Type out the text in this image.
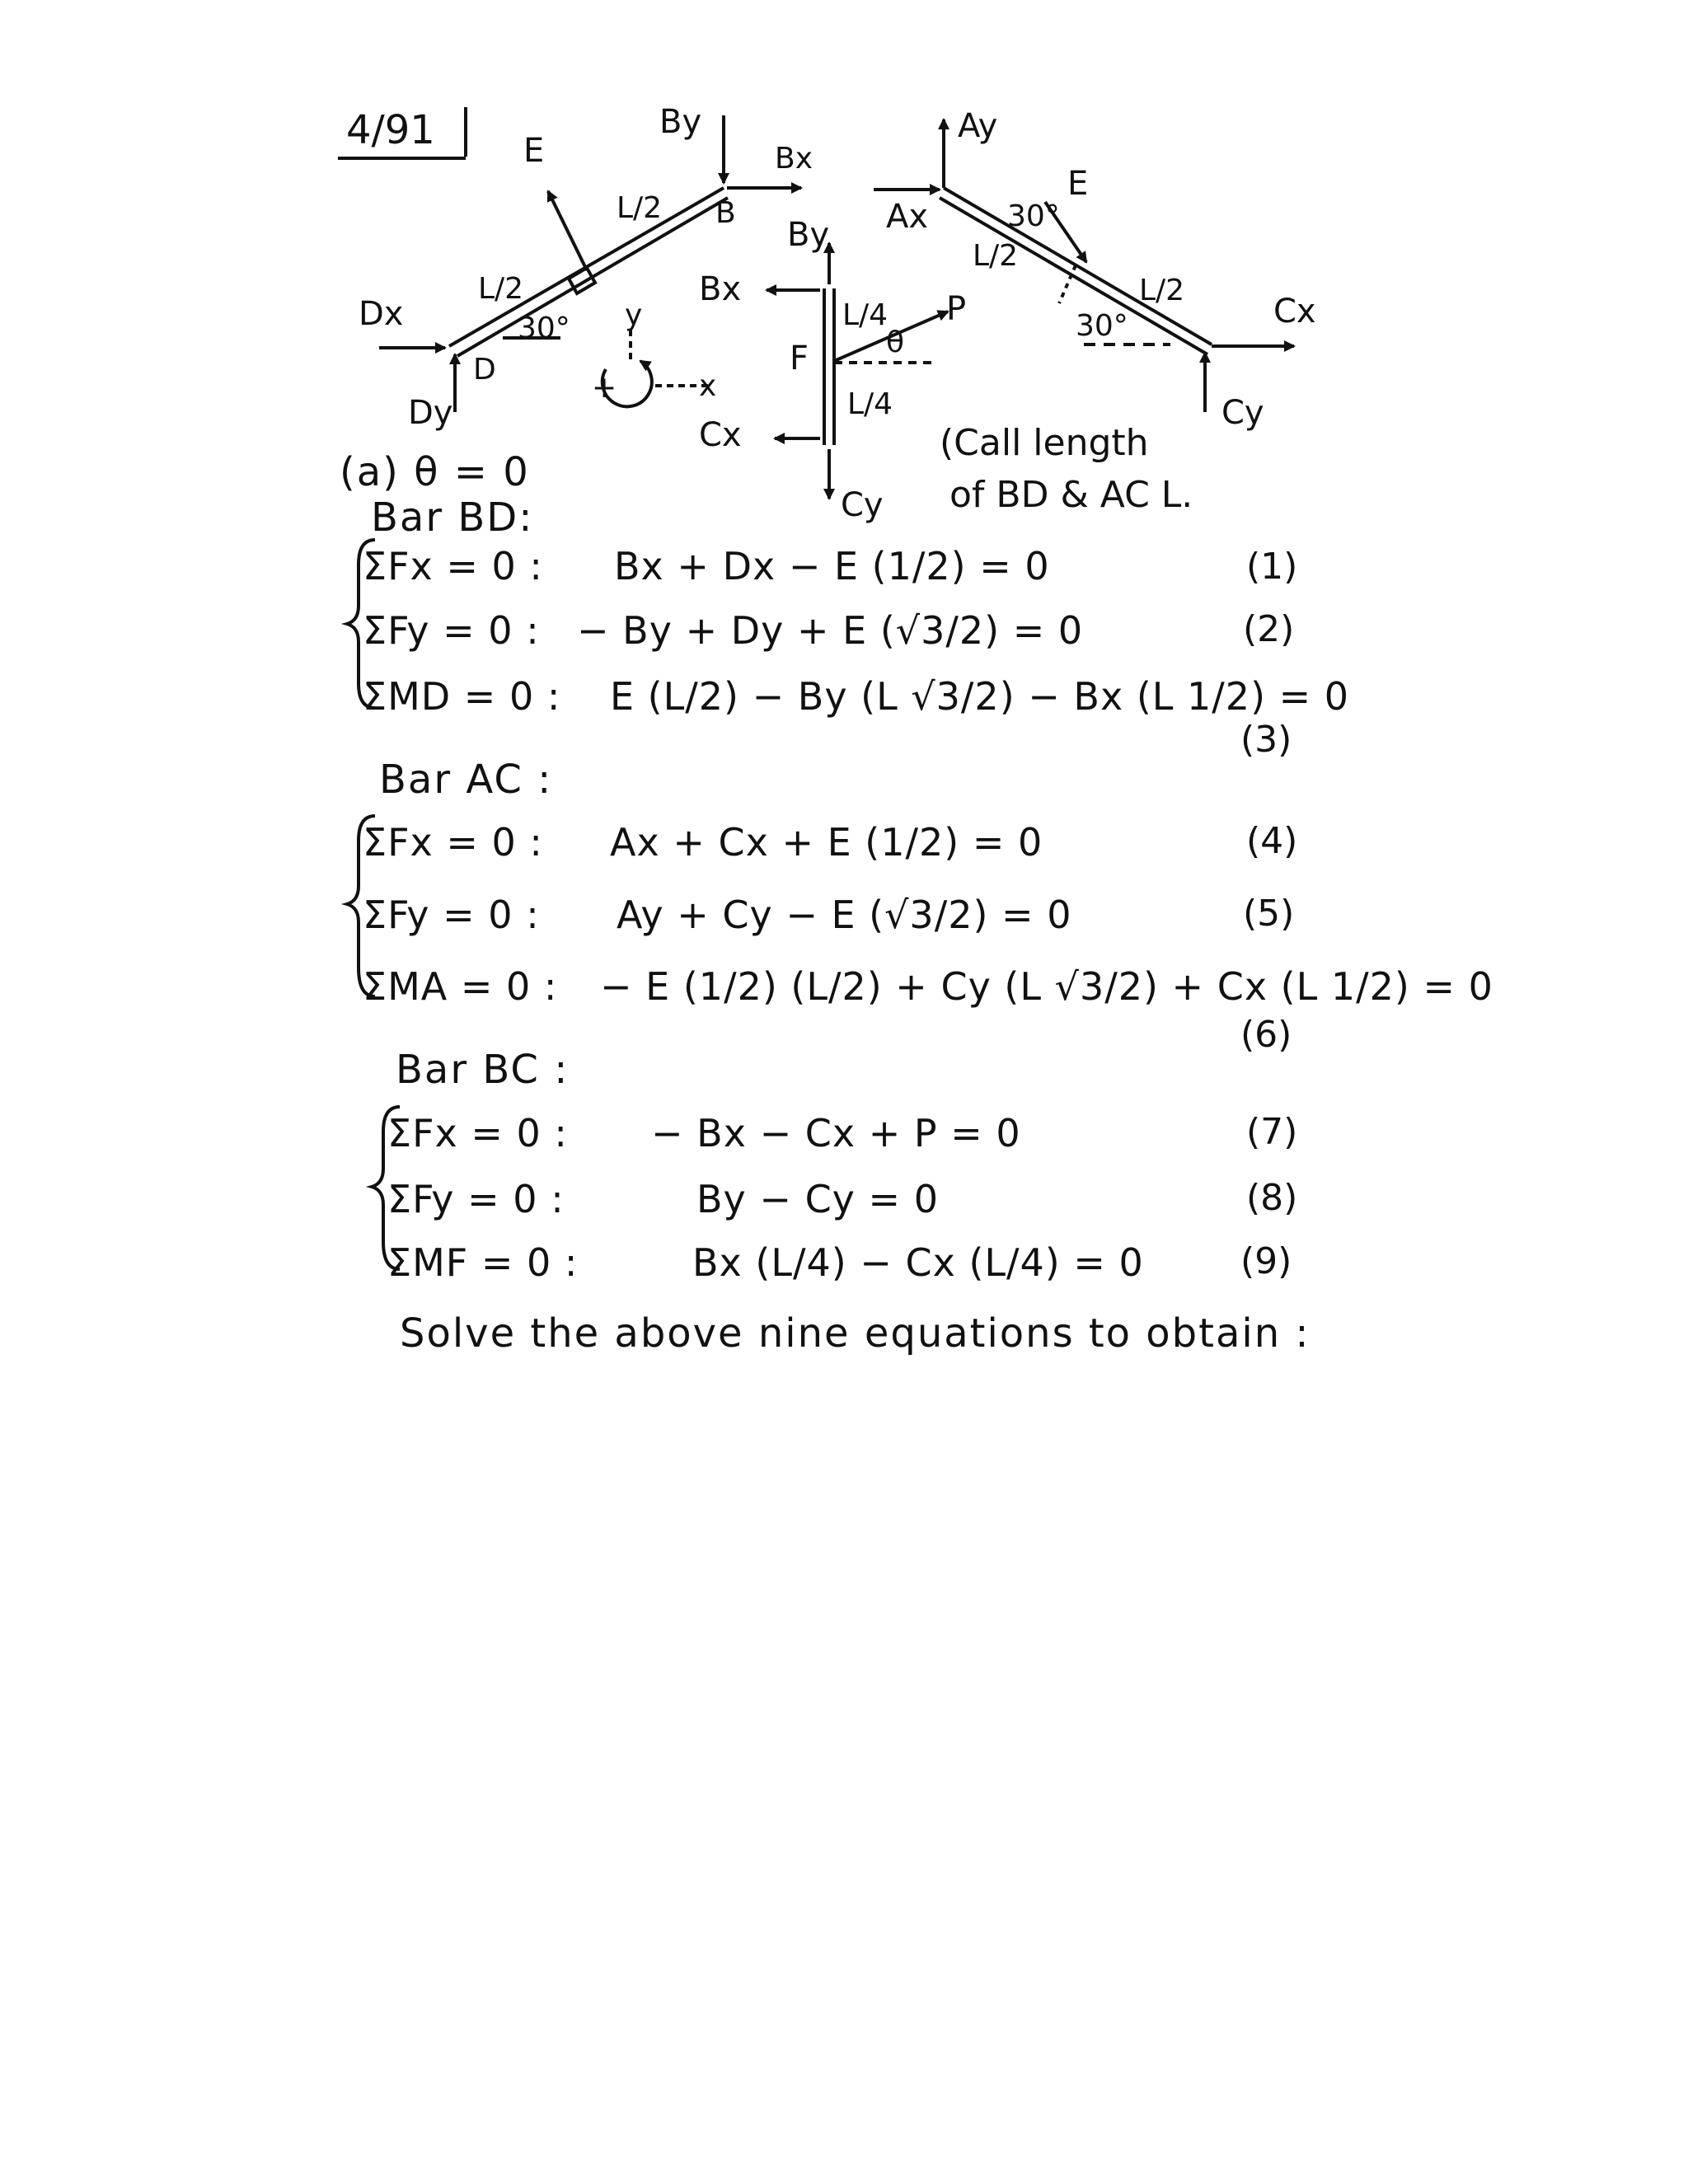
4/91	E
By
Bx
B
L/2
L/2
Dx	30°
D
Dy
y
x
+
By
Bx
F
L/4
L/4
P
θ
Cx
Cy
Ay
Ax
E
30°
L/2
L/2
30°	Cx
Cy
(a) θ = 0
(Call length
of BD & AC L.
Bar BD:
ΣFx = 0 : Bx + Dx − E (1/2) = 0	(1)
ΣFy = 0 : − By + Dy + E (√3/2) = 0	(2)
ΣMD = 0 : E (L/2) − By (L √3/2) − Bx (L 1/2) = 0
(3)
Bar AC :
ΣFx = 0 : Ax + Cx + E (1/2) = 0	(4)
ΣFy = 0 : Ay + Cy − E (√3/2) = 0	(5)
ΣMA = 0 : − E (1/2) (L/2) + Cy (L √3/2) + Cx (L 1/2) = 0
(6)
Bar BC :
ΣFx = 0 : − Bx − Cx + P = 0	(7)
ΣFy = 0 :	By − Cy = 0	(8)
ΣMF = 0 :	Bx (L/4) − Cx (L/4) = 0	(9)
Solve the above nine equations to obtain :
